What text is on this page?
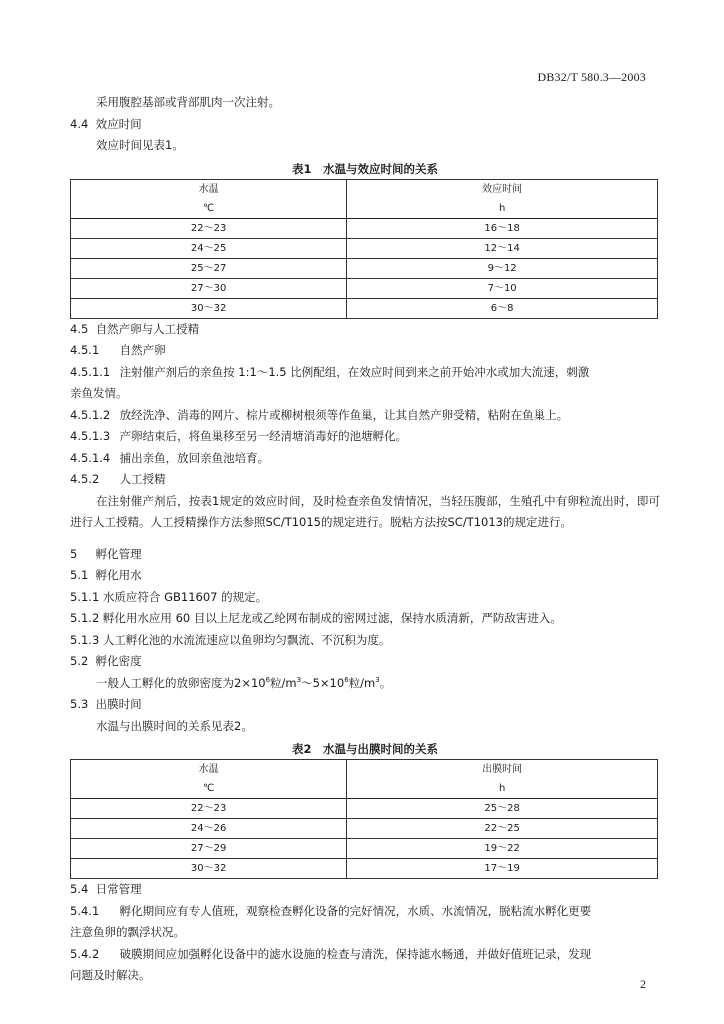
DB32/T 580.3—2003
采用腹腔基部或背部肌肉一次注射。
4.4 效应时间
效应时间见表1。
表1　水温与效应时间的关系
水温	效应时间
℃	h
22～23	16～18
24～25	12～14
25～27	9～12
27～30	7～10
30～32	6～8
4.5 自然产卵与人工授精
4.5.1 自然产卵
4.5.1.1 注射催产剂后的亲鱼按 1:1～1.5 比例配组，在效应时间到来之前开始冲水或加大流速，刺激
亲鱼发情。
4.5.1.2 放经洗净、消毒的网片、棕片或柳树根须等作鱼巢，让其自然产卵受精，粘附在鱼巢上。
4.5.1.3 产卵结束后，将鱼巢移至另一经清塘消毒好的池塘孵化。
4.5.1.4 捕出亲鱼，放回亲鱼池培育。
4.5.2 人工授精

在注射催产剂后，按表1规定的效应时间，及时检查亲鱼发情情况，当轻压腹部，生殖孔中有卵粒流出时，即可进行人工授精。人工授精操作方法参照SC/T1015的规定进行。脱粘方法按SC/T1013的规定进行。

5 孵化管理
5.1 孵化用水
5.1.1 水质应符合 GB11607 的规定。
5.1.2 孵化用水应用 60 目以上尼龙或乙纶网布制成的密网过滤，保持水质清新，严防敌害进入。
5.1.3 人工孵化池的水流流速应以鱼卵均匀飘流、不沉积为度。
5.2 孵化密度
一般人工孵化的放卵密度为$2\times 10^6$粒$/m^3\sim 5\times 10^6$粒$/m^3$。
5.3 出膜时间
水温与出膜时间的关系见表2。
表2　水温与出膜时间的关系
水温	出膜时间
℃	h
22～23	25～28
24～26	22～25
27～29	19～22
30～32	17～19
5.4 日常管理
5.4.1 孵化期间应有专人值班，观察检查孵化设备的完好情况，水质、水流情况，脱粘流水孵化更要
注意鱼卵的飘浮状况。
5.4.2 破膜期间应加强孵化设备中的滤水设施的检查与清洗，保持滤水畅通，并做好值班记录，发现
问题及时解决。
2
